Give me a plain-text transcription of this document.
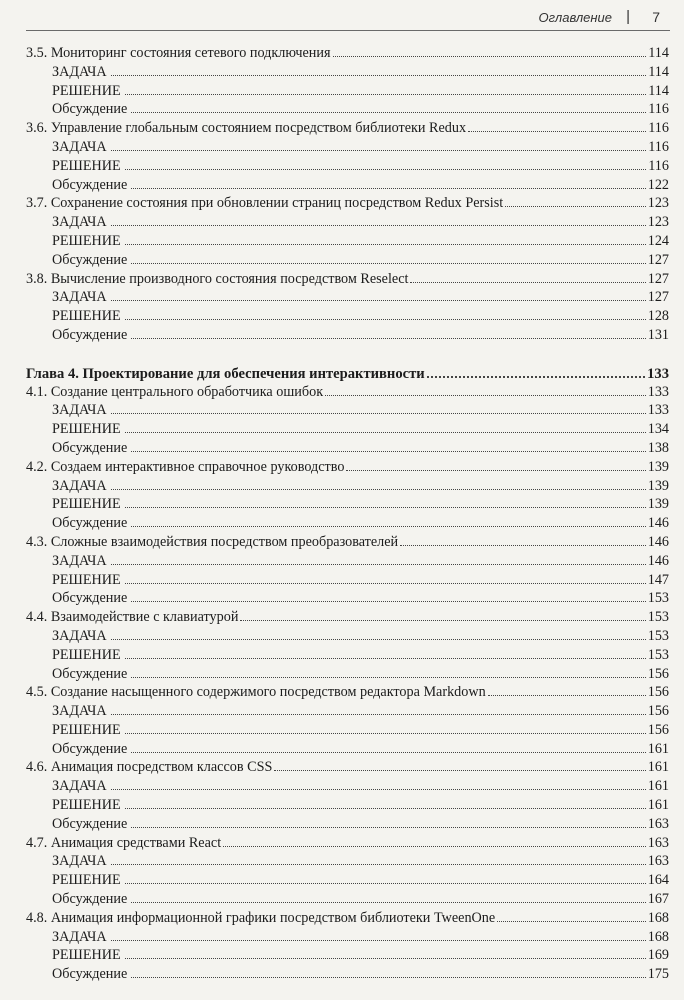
Оглавление | 7
3.5. Мониторинг состояния сетевого подключения	114
ЗАДАЧА	114
РЕШЕНИЕ	114
Обсуждение	116
3.6. Управление глобальным состоянием посредством библиотеки Redux	116
ЗАДАЧА	116
РЕШЕНИЕ	116
Обсуждение	122
3.7. Сохранение состояния при обновлении страниц посредством Redux Persist	123
ЗАДАЧА	123
РЕШЕНИЕ	124
Обсуждение	127
3.8. Вычисление производного состояния посредством Reselect	127
ЗАДАЧА	127
РЕШЕНИЕ	128
Обсуждение	131
Глава 4. Проектирование для обеспечения интерактивности	133
4.1. Создание центрального обработчика ошибок	133
ЗАДАЧА	133
РЕШЕНИЕ	134
Обсуждение	138
4.2. Создаем интерактивное справочное руководство	139
ЗАДАЧА	139
РЕШЕНИЕ	139
Обсуждение	146
4.3. Сложные взаимодействия посредством преобразователей	146
ЗАДАЧА	146
РЕШЕНИЕ	147
Обсуждение	153
4.4. Взаимодействие с клавиатурой	153
ЗАДАЧА	153
РЕШЕНИЕ	153
Обсуждение	156
4.5. Создание насыщенного содержимого посредством редактора Markdown	156
ЗАДАЧА	156
РЕШЕНИЕ	156
Обсуждение	161
4.6. Анимация посредством классов CSS	161
ЗАДАЧА	161
РЕШЕНИЕ	161
Обсуждение	163
4.7. Анимация средствами React	163
ЗАДАЧА	163
РЕШЕНИЕ	164
Обсуждение	167
4.8. Анимация информационной графики посредством библиотеки TweenOne	168
ЗАДАЧА	168
РЕШЕНИЕ	169
Обсуждение	175
